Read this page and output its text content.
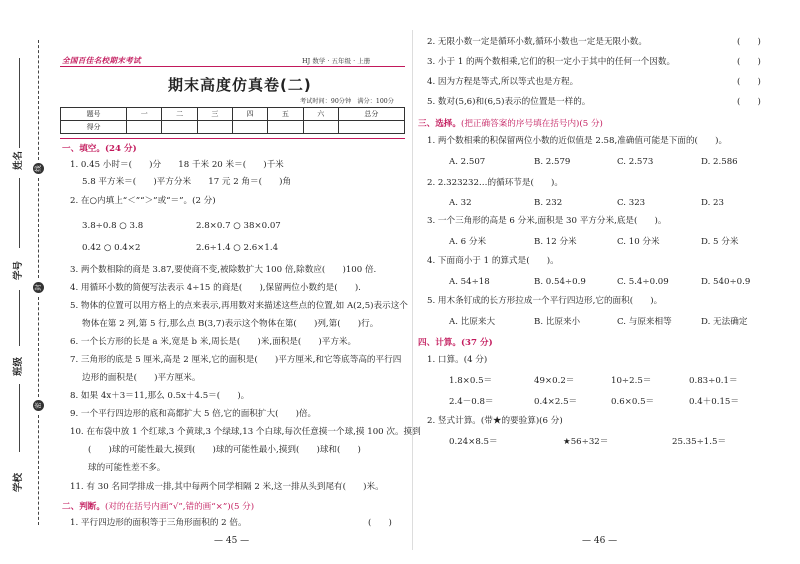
姓名
学号
班级
学校
线
封
密
全国百佳名校期末考试	HJ 数学 · 五年级 · 上册
期末高度仿真卷(二)
考试时间：90分钟　满分：100分
题号	一	二	三	四	五	六	总分
得分							
一、填空。(24 分)
1. 0.45 小时＝(　　)分　　18 千米 20 米＝(　　)千米
5.8 平方米＝(　　)平方分米　　17 元 2 角＝(　　)角
2. 在○内填上“＜”“＞”或“＝”。(2 分)
3.8÷0.8 ○ 3.8	2.8×0.7 ○ 38×0.07
0.42 ○ 0.4×2	2.6÷1.4 ○ 2.6×1.4
3. 两个数相除的商是 3.87,要使商不变,被除数扩大 100 倍,除数应(　　)100 倍.
4. 用循环小数的简便写法表示 4÷15 的商是(　　),保留两位小数约是(　　).
5. 物体的位置可以用方格上的点来表示,再用数对来描述这些点的位置,如 A(2,5)表示这个
物体在第 2 列,第 5 行,那么点 B(3,7)表示这个物体在第(　　)列,第(　　)行。
6. 一个长方形的长是 a 米,宽是 b 米,周长是(　　)米,面积是(　　)平方米。
7. 三角形的底是 5 厘米,高是 2 厘米,它的面积是(　　)平方厘米,和它等底等高的平行四
边形的面积是(　　)平方厘米。
8. 如果 4x＋3＝11,那么 0.5x＋4.5＝(　　)。
9. 一个平行四边形的底和高都扩大 5 倍,它的面积扩大(　　)倍。
10. 在布袋中放 1 个红球,3 个黄球,3 个绿球,13 个白球,每次任意摸一个球,摸 100 次。摸到
(　　)球的可能性最大,摸到(　　)球的可能性最小,摸到(　　)球和(　　)
球的可能性差不多。
11. 有 30 名同学排成一排,其中每两个同学相隔 2 米,这一排从头到尾有(　　)米。
二、判断。(对的在括号内画“√”,错的画“×”)(5 分)
1. 平行四边形的面积等于三角形面积的 2 倍。	(　　)
— 45 —
2. 无限小数一定是循环小数,循环小数也一定是无限小数。	(　　)
3. 小于 1 的两个数相乘,它们的积一定小于其中的任何一个因数。	(　　)
4. 因为方程是等式,所以等式也是方程。	(　　)
5. 数对(5,6)和(6,5)表示的位置是一样的。	(　　)
三、选择。(把正确答案的序号填在括号内)(5 分)
1. 两个数相乘的积保留两位小数的近似值是 2.58,准确值可能是下面的(　　)。
A. 2.507	B. 2.579	C. 2.573	D. 2.586
2. 2.323232…的循环节是(　　)。
A. 32	B. 232	C. 323	D. 23
3. 一个三角形的高是 6 分米,面积是 30 平方分米,底是(　　)。
A. 6 分米	B. 12 分米	C. 10 分米	D. 5 分米
4. 下面商小于 1 的算式是(　　)。
A. 54÷18	B. 0.54÷0.9	C. 5.4÷0.09	D. 540÷0.9
5. 用木条钉成的长方形拉成一个平行四边形,它的面积(　　)。
A. 比原来大	B. 比原来小	C. 与原来相等	D. 无法确定
四、计算。(37 分)
1. 口算。(4 分)
1.8×0.5＝	49×0.2＝	10÷2.5＝	0.83÷0.1＝
2.4－0.8＝	0.4×2.5＝	0.6×0.5＝	0.4＋0.15＝
2. 竖式计算。(带★的要验算)(6 分)
0.24×8.5＝	★56÷32＝	25.35÷1.5＝
— 46 —
